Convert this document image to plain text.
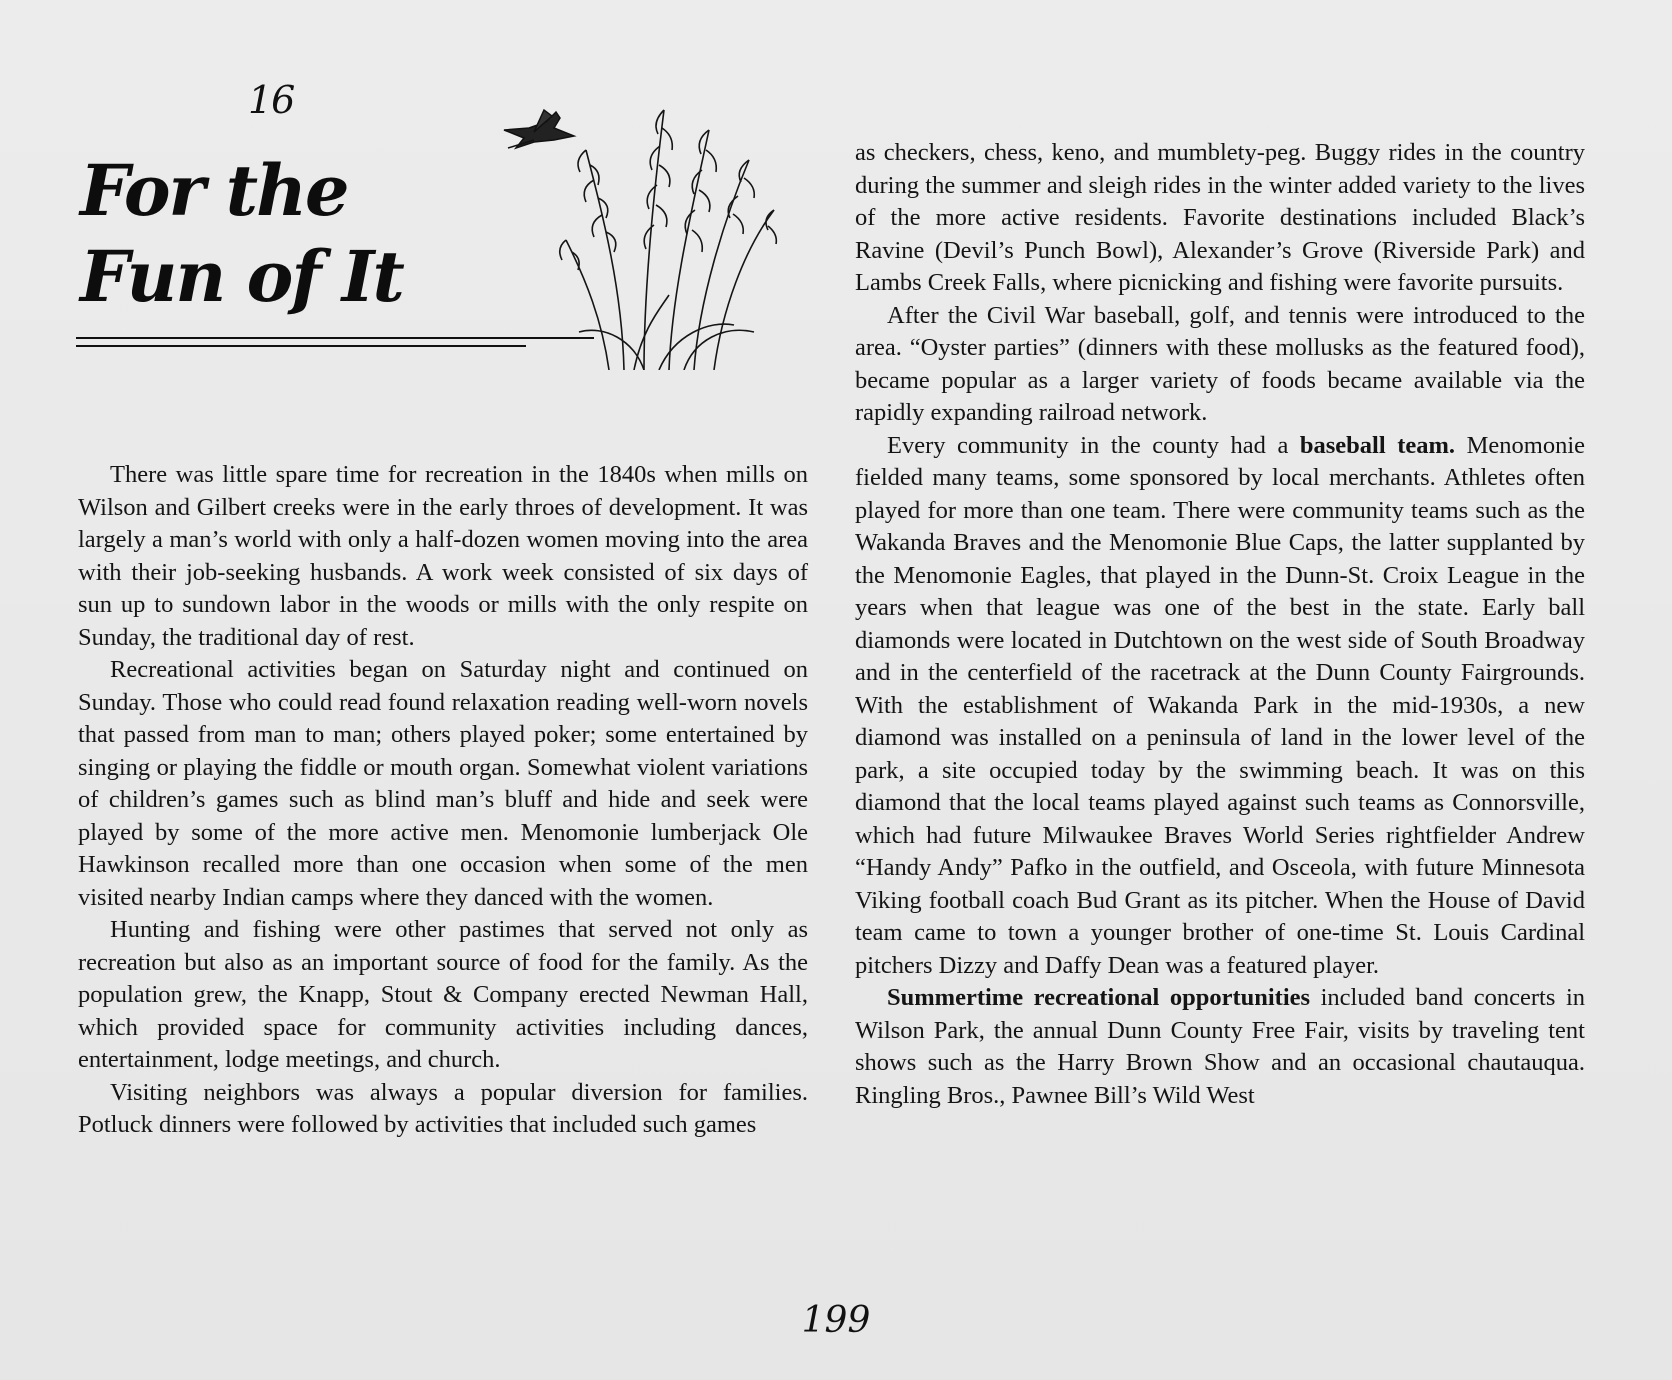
16
For the
Fun of It

There was little spare time for recreation in the 1840s when mills on Wilson and Gilbert creeks were in the early throes of development. It was largely a man’s world with only a half-dozen women moving into the area with their job-seeking husbands. A work week consisted of six days of sun up to sundown labor in the woods or mills with the only respite on Sunday, the traditional day of rest.

Recreational activities began on Saturday night and continued on Sunday. Those who could read found relaxation reading well-worn novels that passed from man to man; others played poker; some entertained by singing or playing the fiddle or mouth organ. Somewhat violent variations of children’s games such as blind man’s bluff and hide and seek were played by some of the more active men. Menomonie lumberjack Ole Hawkinson recalled more than one occasion when some of the men visited nearby Indian camps where they danced with the women.

Hunting and fishing were other pastimes that served not only as recreation but also as an important source of food for the family. As the population grew, the Knapp, Stout & Company erected Newman Hall, which provided space for community activities including dances, entertainment, lodge meetings, and church.

Visiting neighbors was always a popular diversion for families. Potluck dinners were followed by activities that included such games

as checkers, chess, keno, and mumblety-peg. Buggy rides in the country during the summer and sleigh rides in the winter added variety to the lives of the more active residents. Favorite destinations included Black’s Ravine (Devil’s Punch Bowl), Alexander’s Grove (Riverside Park) and Lambs Creek Falls, where picnicking and fishing were favorite pursuits.

After the Civil War baseball, golf, and tennis were introduced to the area. “Oyster parties” (dinners with these mollusks as the featured food), became popular as a larger variety of foods became available via the rapidly expanding railroad network.

Every community in the county had a baseball team. Menomonie fielded many teams, some sponsored by local merchants. Athletes often played for more than one team. There were community teams such as the Wakanda Braves and the Menomonie Blue Caps, the latter supplanted by the Menomonie Eagles, that played in the Dunn-St. Croix League in the years when that league was one of the best in the state. Early ball diamonds were located in Dutchtown on the west side of South Broadway and in the centerfield of the racetrack at the Dunn County Fairgrounds. With the establishment of Wakanda Park in the mid-1930s, a new diamond was installed on a peninsula of land in the lower level of the park, a site occupied today by the swimming beach. It was on this diamond that the local teams played against such teams as Connorsville, which had future Milwaukee Braves World Series rightfielder Andrew “Handy Andy” Pafko in the outfield, and Osceola, with future Minnesota Viking football coach Bud Grant as its pitcher. When the House of David team came to town a younger brother of one-time St. Louis Cardinal pitchers Dizzy and Daffy Dean was a featured player.

Summertime recreational opportunities included band concerts in Wilson Park, the annual Dunn County Free Fair, visits by traveling tent shows such as the Harry Brown Show and an occasional chautauqua. Ringling Bros., Pawnee Bill’s Wild West

199
